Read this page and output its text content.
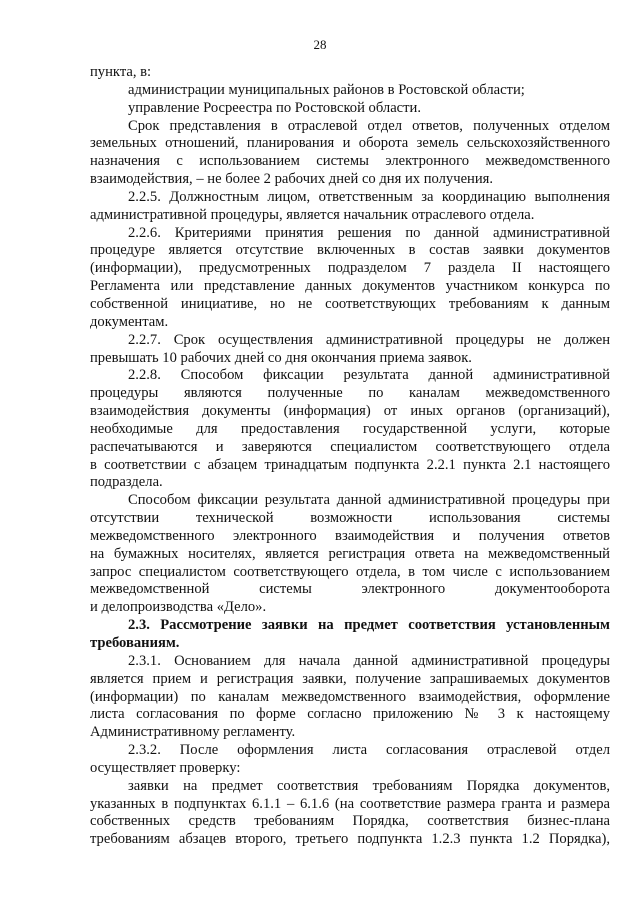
28
пункта, в:
администрации муниципальных районов в Ростовской области;
управление Росреестра по Ростовской области.
Срок представления в отраслевой отдел ответов, полученных отделом
земельных отношений, планирования и оборота земель сельскохозяйственного
назначения с использованием системы электронного межведомственного
взаимодействия, – не более 2 рабочих дней со дня их получения.
2.2.5. Должностным лицом, ответственным за координацию выполнения
административной процедуры, является начальник отраслевого отдела.
2.2.6. Критериями принятия решения по данной административной
процедуре является отсутствие включенных в состав заявки документов
(информации), предусмотренных подразделом 7 раздела II настоящего
Регламента или представление данных документов участником конкурса по
собственной инициативе, но не соответствующих требованиям к данным
документам.
2.2.7. Срок осуществления административной процедуры не должен
превышать 10 рабочих дней со дня окончания приема заявок.
2.2.8. Способом фиксации результата данной административной
процедуры являются полученные по каналам межведомственного
взаимодействия документы (информация) от иных органов (организаций),
необходимые для предоставления государственной услуги, которые
распечатываются и заверяются специалистом соответствующего отдела
в соответствии с абзацем тринадцатым подпункта 2.2.1 пункта 2.1 настоящего
подраздела.
Способом фиксации результата данной административной процедуры при
отсутствии технической возможности использования системы
межведомственного электронного взаимодействия и получения ответов
на бумажных носителях, является регистрация ответа на межведомственный
запрос специалистом соответствующего отдела, в том числе с использованием
межведомственной системы электронного документооборота
и делопроизводства «Дело».
2.3. Рассмотрение заявки на предмет соответствия установленным
требованиям.
2.3.1. Основанием для начала данной административной процедуры
является прием и регистрация заявки, получение запрашиваемых документов
(информации) по каналам межведомственного взаимодействия, оформление
листа согласования по форме согласно приложению № 3 к настоящему
Административному регламенту.
2.3.2. После оформления листа согласования отраслевой отдел
осуществляет проверку:
заявки на предмет соответствия требованиям Порядка документов,
указанных в подпунктах 6.1.1 – 6.1.6 (на соответствие размера гранта и размера
собственных средств требованиям Порядка, соответствия бизнес-плана
требованиям абзацев второго, третьего подпункта 1.2.3 пункта 1.2 Порядка),
